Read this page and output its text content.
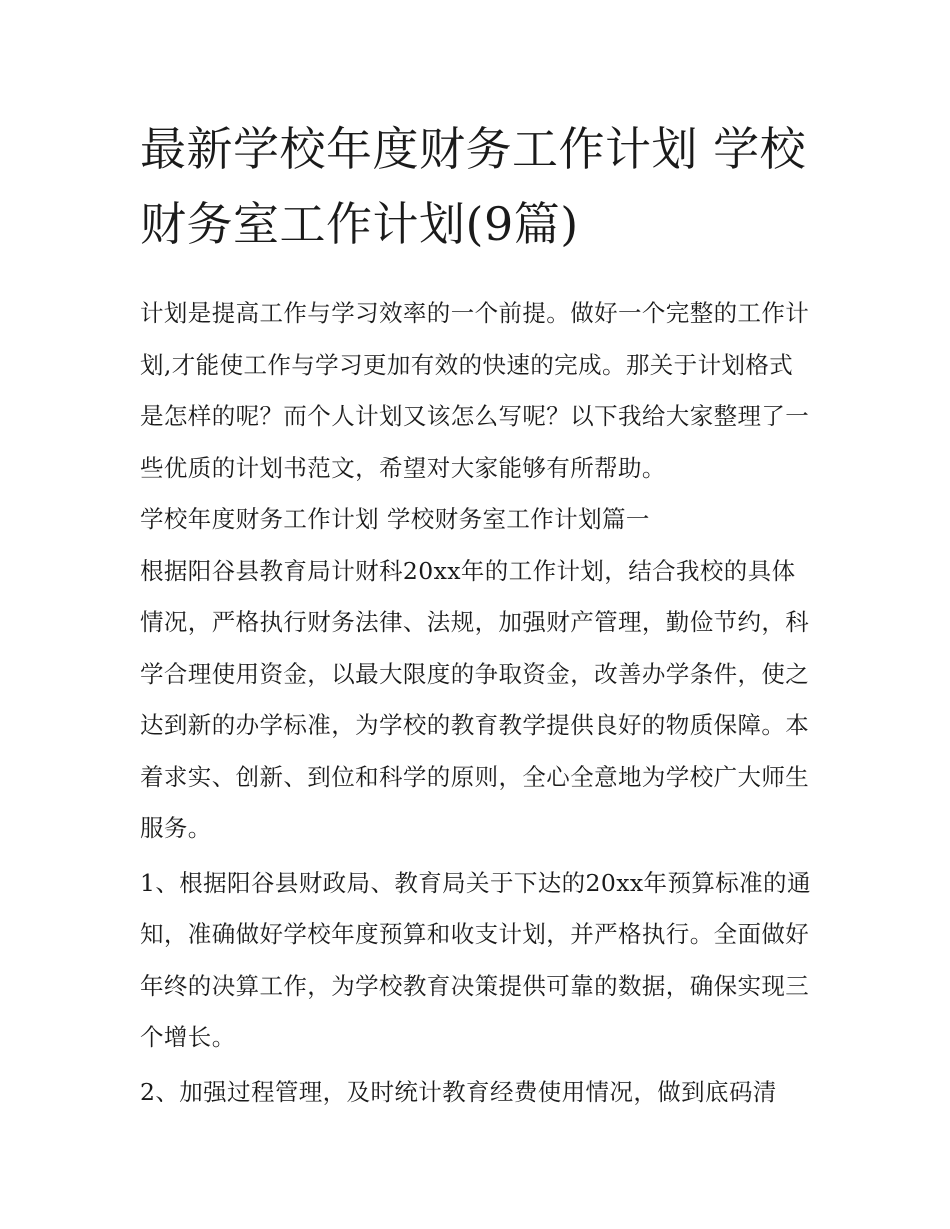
最新学校年度财务工作计划 学校财务室工作计划(9篇)

计划是提高工作与学习效率的一个前提。做好一个完整的工作计划,才能使工作与学习更加有效的快速的完成。那关于计划格式是怎样的呢？而个人计划又该怎么写呢？以下我给大家整理了一些优质的计划书范文，希望对大家能够有所帮助。

学校年度财务工作计划 学校财务室工作计划篇一

根据阳谷县教育局计财科20xx年的工作计划，结合我校的具体情况，严格执行财务法律、法规，加强财产管理，勤俭节约，科学合理使用资金，以最大限度的争取资金，改善办学条件，使之达到新的办学标准，为学校的教育教学提供良好的物质保障。本着求实、创新、到位和科学的原则，全心全意地为学校广大师生服务。

1、根据阳谷县财政局、教育局关于下达的20xx年预算标准的通知，准确做好学校年度预算和收支计划，并严格执行。全面做好年终的决算工作，为学校教育决策提供可靠的数据，确保实现三个增长。

2、加强过程管理，及时统计教育经费使用情况，做到底码清
